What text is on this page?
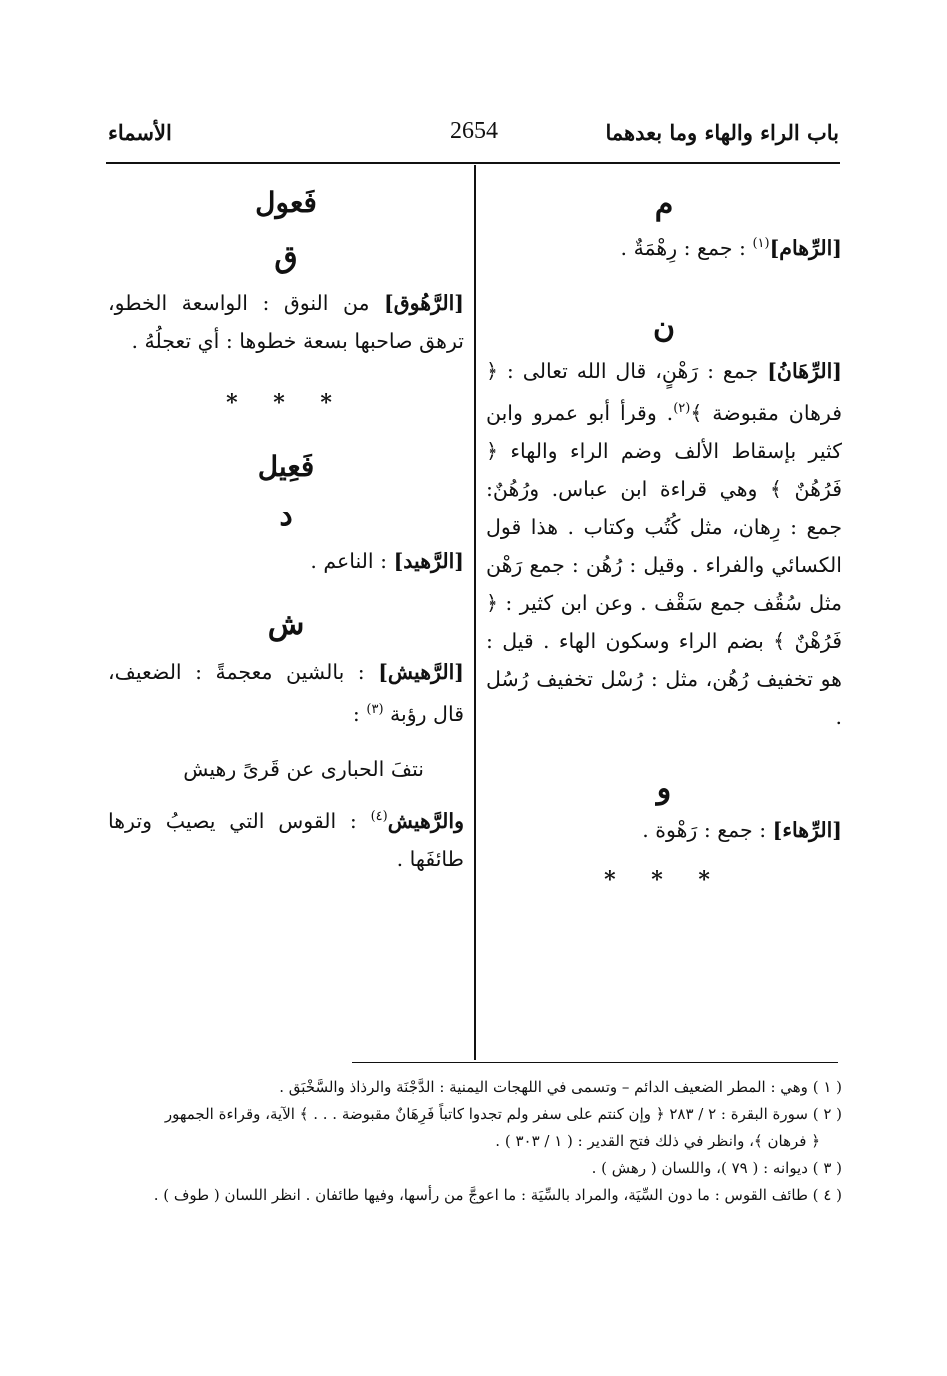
باب الراء والهاء وما بعدهما
2654
الأسماء
م
[الرِّهام]$^{(١)}$ : جمع : رِهْمَةٌ .
ن
[الرِّهَانُ] جمع : رَهْنٍ، قال الله تعالى : ﴿ فرهان مقبوضة ﴾$^{(٢)}$. وقرأ أبو عمرو وابن كثير بإسقاط الألف وضم الراء والهاء ﴿ فَرُهُنٌ ﴾ وهي قراءة ابن عباس. ورُهُنٌ: جمع : رِهان، مثل كُتُب وكتاب . هذا قول الكسائي والفراء . وقيل : رُهُن : جمع رَهْن مثل سُقُف جمع سَقْف . وعن ابن كثير : ﴿ فَرُهْنٌ ﴾ بضم الراء وسكون الهاء . قيل : هو تخفيف رُهُن، مثل : رُسْل تخفيف رُسُل .
و
[الرِّهاء] : جمع : رَهْوة .
* * *
فَعول
ق
[الرَّهُوق] من النوق : الواسعة الخطو، ترهق صاحبها بسعة خطوها : أي تعجلُهُ .
* * *
فَعِيل
د
[الرَّهيد] : الناعم .
ش
[الرَّهيش] : بالشين معجمةً : الضعيف، قال رؤبة $^{(٣)}$ :
نتفَ الحبارى عن قَرىً رهيش
والرَّهيش$^{(٤)}$ : القوس التي يصيبُ وترها طائفَها .
( ١ ) وهي : المطر الضعيف الدائم – وتسمى في اللهجات اليمنية : الدَّجْنَة والرذاذ والسَّخْبَق .
( ٢ ) سورة البقرة : ٢ / ٢٨٣ ﴿ وإن كنتم على سفر ولم تجدوا كاتباً فَرِهَانٌ مقبوضة . . . ﴾ الآية، وقراءة الجمهور
﴿ فرهان ﴾، وانظر في ذلك فتح القدير : ( ١ / ٣٠٣ ) .
( ٣ ) ديوانه : ( ٧٩ )، واللسان ( رهش ) .
( ٤ ) طائف القوس : ما دون السِّيَة، والمراد بالسِّيَة : ما اعوجَّ من رأسها، وفيها طائفان . انظر اللسان ( طوف ) .
